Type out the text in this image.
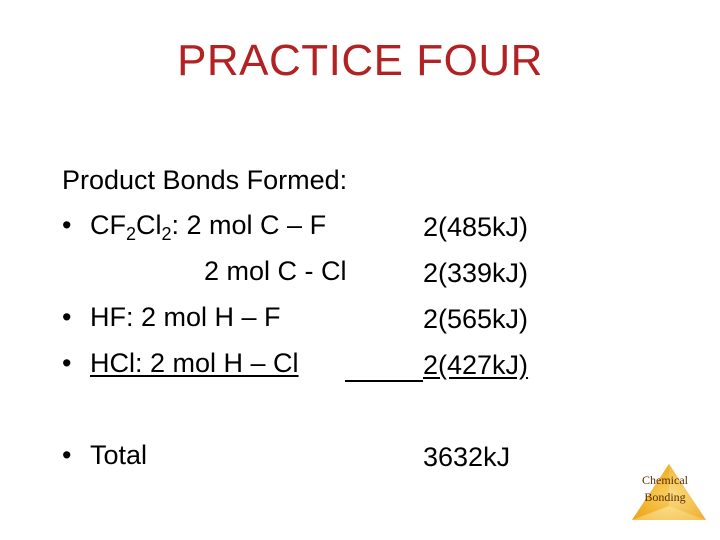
PRACTICE FOUR
Product Bonds Formed:
• $CF_2Cl_2$: 2 mol C – F	2(485kJ)
2 mol C - Cl	2(339kJ)
• HF: 2 mol H – F	2(565kJ)
• HCl: 2 mol H – Cl	2(427kJ)
• Total	3632kJ
Chemical
Bonding
